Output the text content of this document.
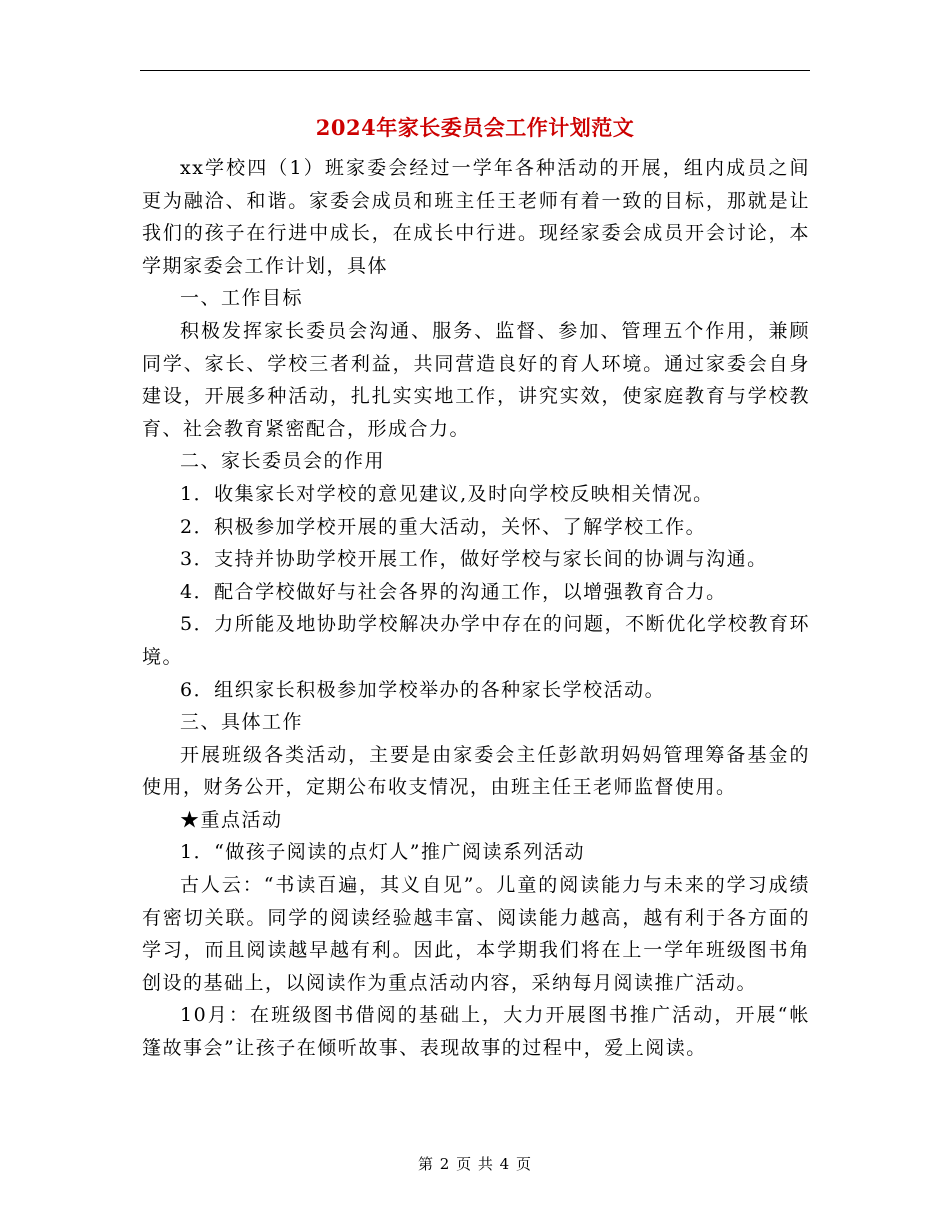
2024年家长委员会工作计划范文

xx学校四（1）班家委会经过一学年各种活动的开展，组内成员之间更为融洽、和谐。家委会成员和班主任王老师有着一致的目标，那就是让我们的孩子在行进中成长，在成长中行进。现经家委会成员开会讨论，本学期家委会工作计划，具体

一、工作目标

积极发挥家长委员会沟通、服务、监督、参加、管理五个作用，兼顾同学、家长、学校三者利益，共同营造良好的育人环境。通过家委会自身建设，开展多种活动，扎扎实实地工作，讲究实效，使家庭教育与学校教育、社会教育紧密配合，形成合力。

二、家长委员会的作用

1．收集家长对学校的意见建议,及时向学校反映相关情况。

2．积极参加学校开展的重大活动，关怀、了解学校工作。

3．支持并协助学校开展工作，做好学校与家长间的协调与沟通。

4．配合学校做好与社会各界的沟通工作，以增强教育合力。

5．力所能及地协助学校解决办学中存在的问题，不断优化学校教育环境。

6．组织家长积极参加学校举办的各种家长学校活动。

三、具体工作

开展班级各类活动，主要是由家委会主任彭歆玥妈妈管理筹备基金的使用，财务公开，定期公布收支情况，由班主任王老师监督使用。

★重点活动

1．“做孩子阅读的点灯人”推广阅读系列活动

古人云：“书读百遍，其义自见”。儿童的阅读能力与未来的学习成绩有密切关联。同学的阅读经验越丰富、阅读能力越高，越有利于各方面的学习，而且阅读越早越有利。因此，本学期我们将在上一学年班级图书角创设的基础上，以阅读作为重点活动内容，采纳每月阅读推广活动。

10月：在班级图书借阅的基础上，大力开展图书推广活动，开展“帐篷故事会”让孩子在倾听故事、表现故事的过程中，爱上阅读。

第 2 页 共 4 页
